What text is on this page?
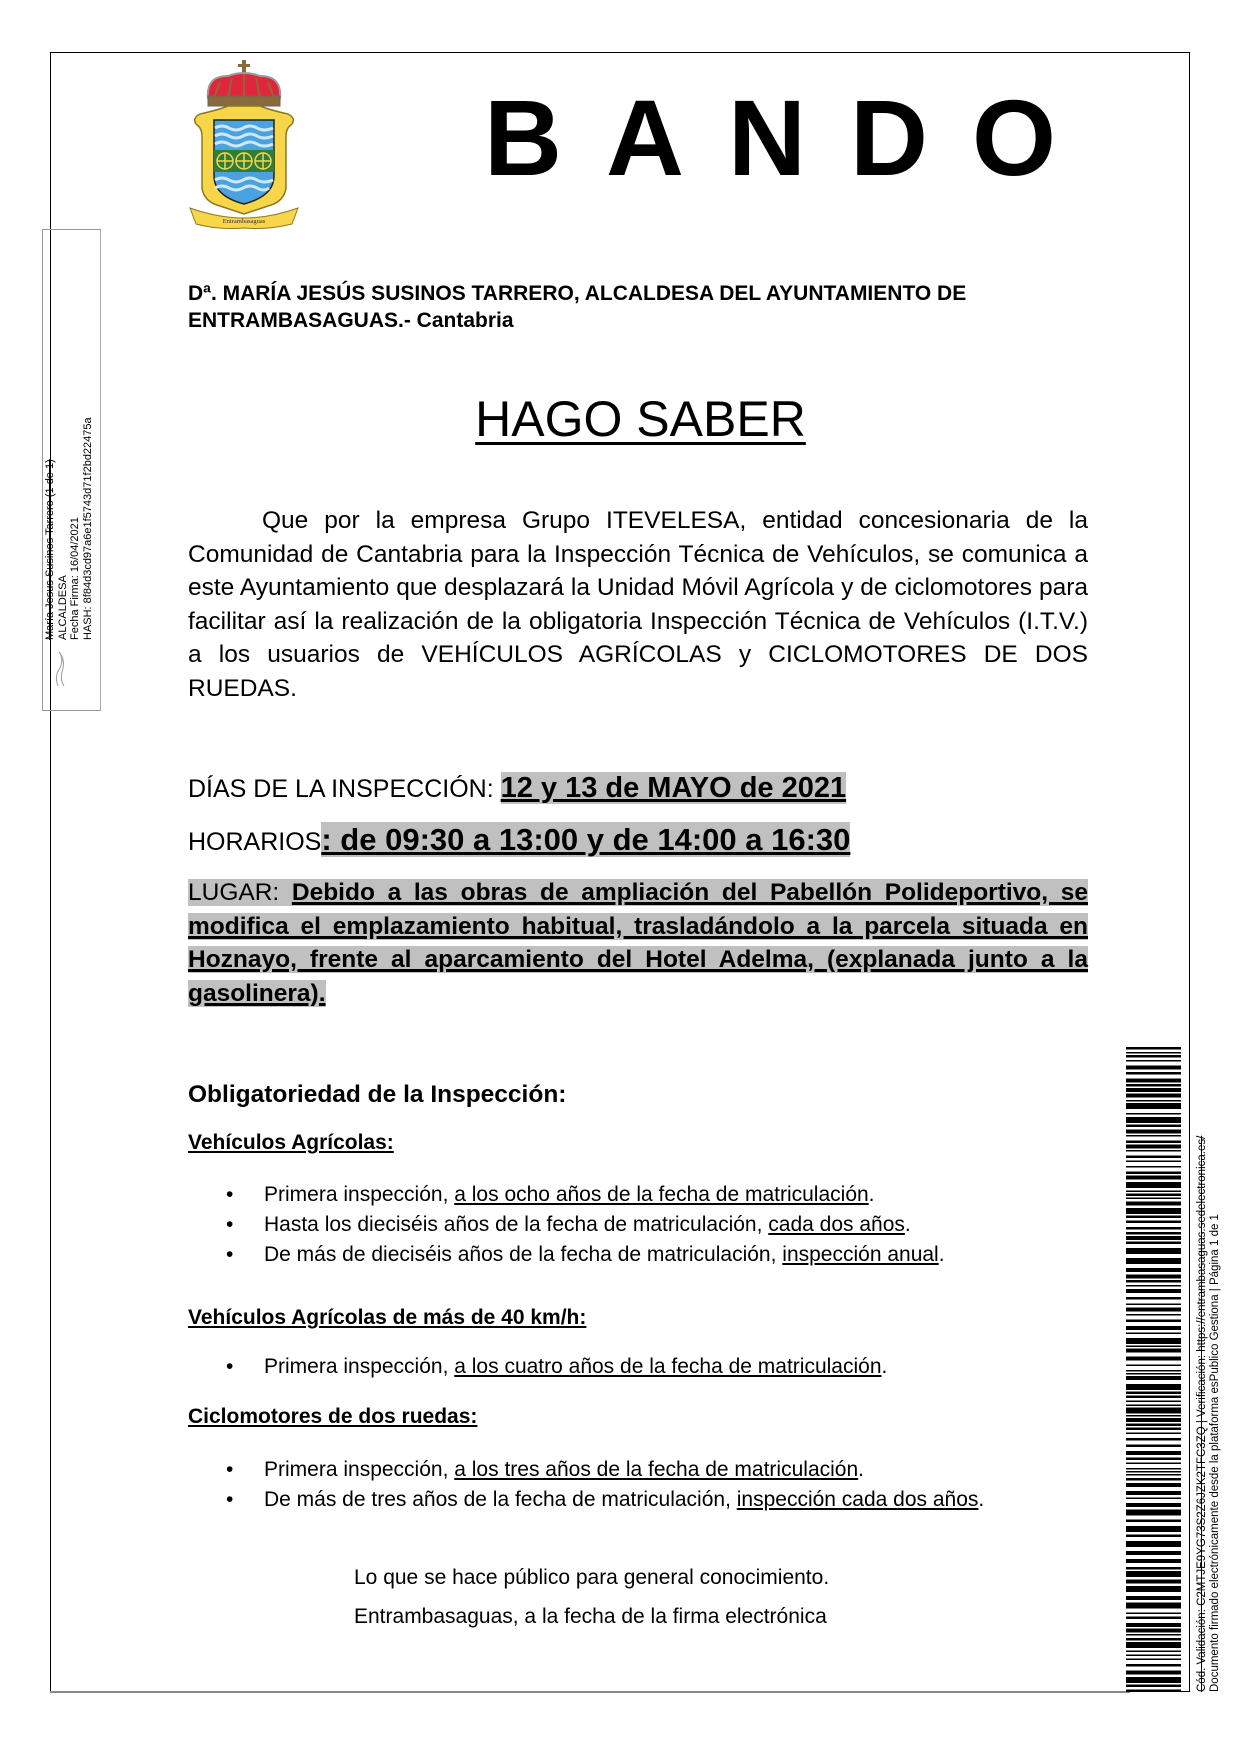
Entrambasaguas
BANDO
Dª. MARÍA JESÚS SUSINOS TARRERO, ALCALDESA DEL AYUNTAMIENTO DE ENTRAMBASAGUAS.- Cantabria
HAGO SABER
Que por la empresa Grupo ITEVELESA, entidad concesionaria de la Comunidad de Cantabria para la Inspección Técnica de Vehículos, se comunica a este Ayuntamiento que desplazará la Unidad Móvil Agrícola y de ciclomotores para facilitar así la realización de la obligatoria Inspección Técnica de Vehículos (I.T.V.) a los usuarios de VEHÍCULOS AGRÍCOLAS y CICLOMOTORES DE DOS RUEDAS.
DÍAS DE LA INSPECCIÓN: 12 y 13 de MAYO de 2021
HORARIOS: de 09:30 a 13:00 y de 14:00 a 16:30
LUGAR: Debido a las obras de ampliación del Pabellón Polideportivo, se modifica el emplazamiento habitual, trasladándolo a la parcela situada en Hoznayo, frente al aparcamiento del Hotel Adelma, (explanada junto a la gasolinera).
Obligatoriedad de la Inspección:
Vehículos Agrícolas:
• Primera inspección, a los ocho años de la fecha de matriculación.
• Hasta los dieciséis años de la fecha de matriculación, cada dos años.
• De más de dieciséis años de la fecha de matriculación, inspección anual.
Vehículos Agrícolas de más de 40 km/h:
• Primera inspección, a los cuatro años de la fecha de matriculación.
Ciclomotores de dos ruedas:
• Primera inspección, a los tres años de la fecha de matriculación.
• De más de tres años de la fecha de matriculación, inspección cada dos años.
Lo que se hace público para general conocimiento.
Entrambasaguas, a la fecha de la firma electrónica
María Jesus Susinos Tarrero (1 de 1) ALCALDESA Fecha Firma: 16/04/2021 HASH: 8f84d3cd97a6e1f5743d71f2bd22475a
Cód. Validación: C2MTJE9YG73S2Z6JZK2TFC3ZQ | Verificación: https://entrambasaguas.sedelectronica.es/ Documento firmado electrónicamente desde la plataforma esPublico Gestiona | Página 1 de 1
